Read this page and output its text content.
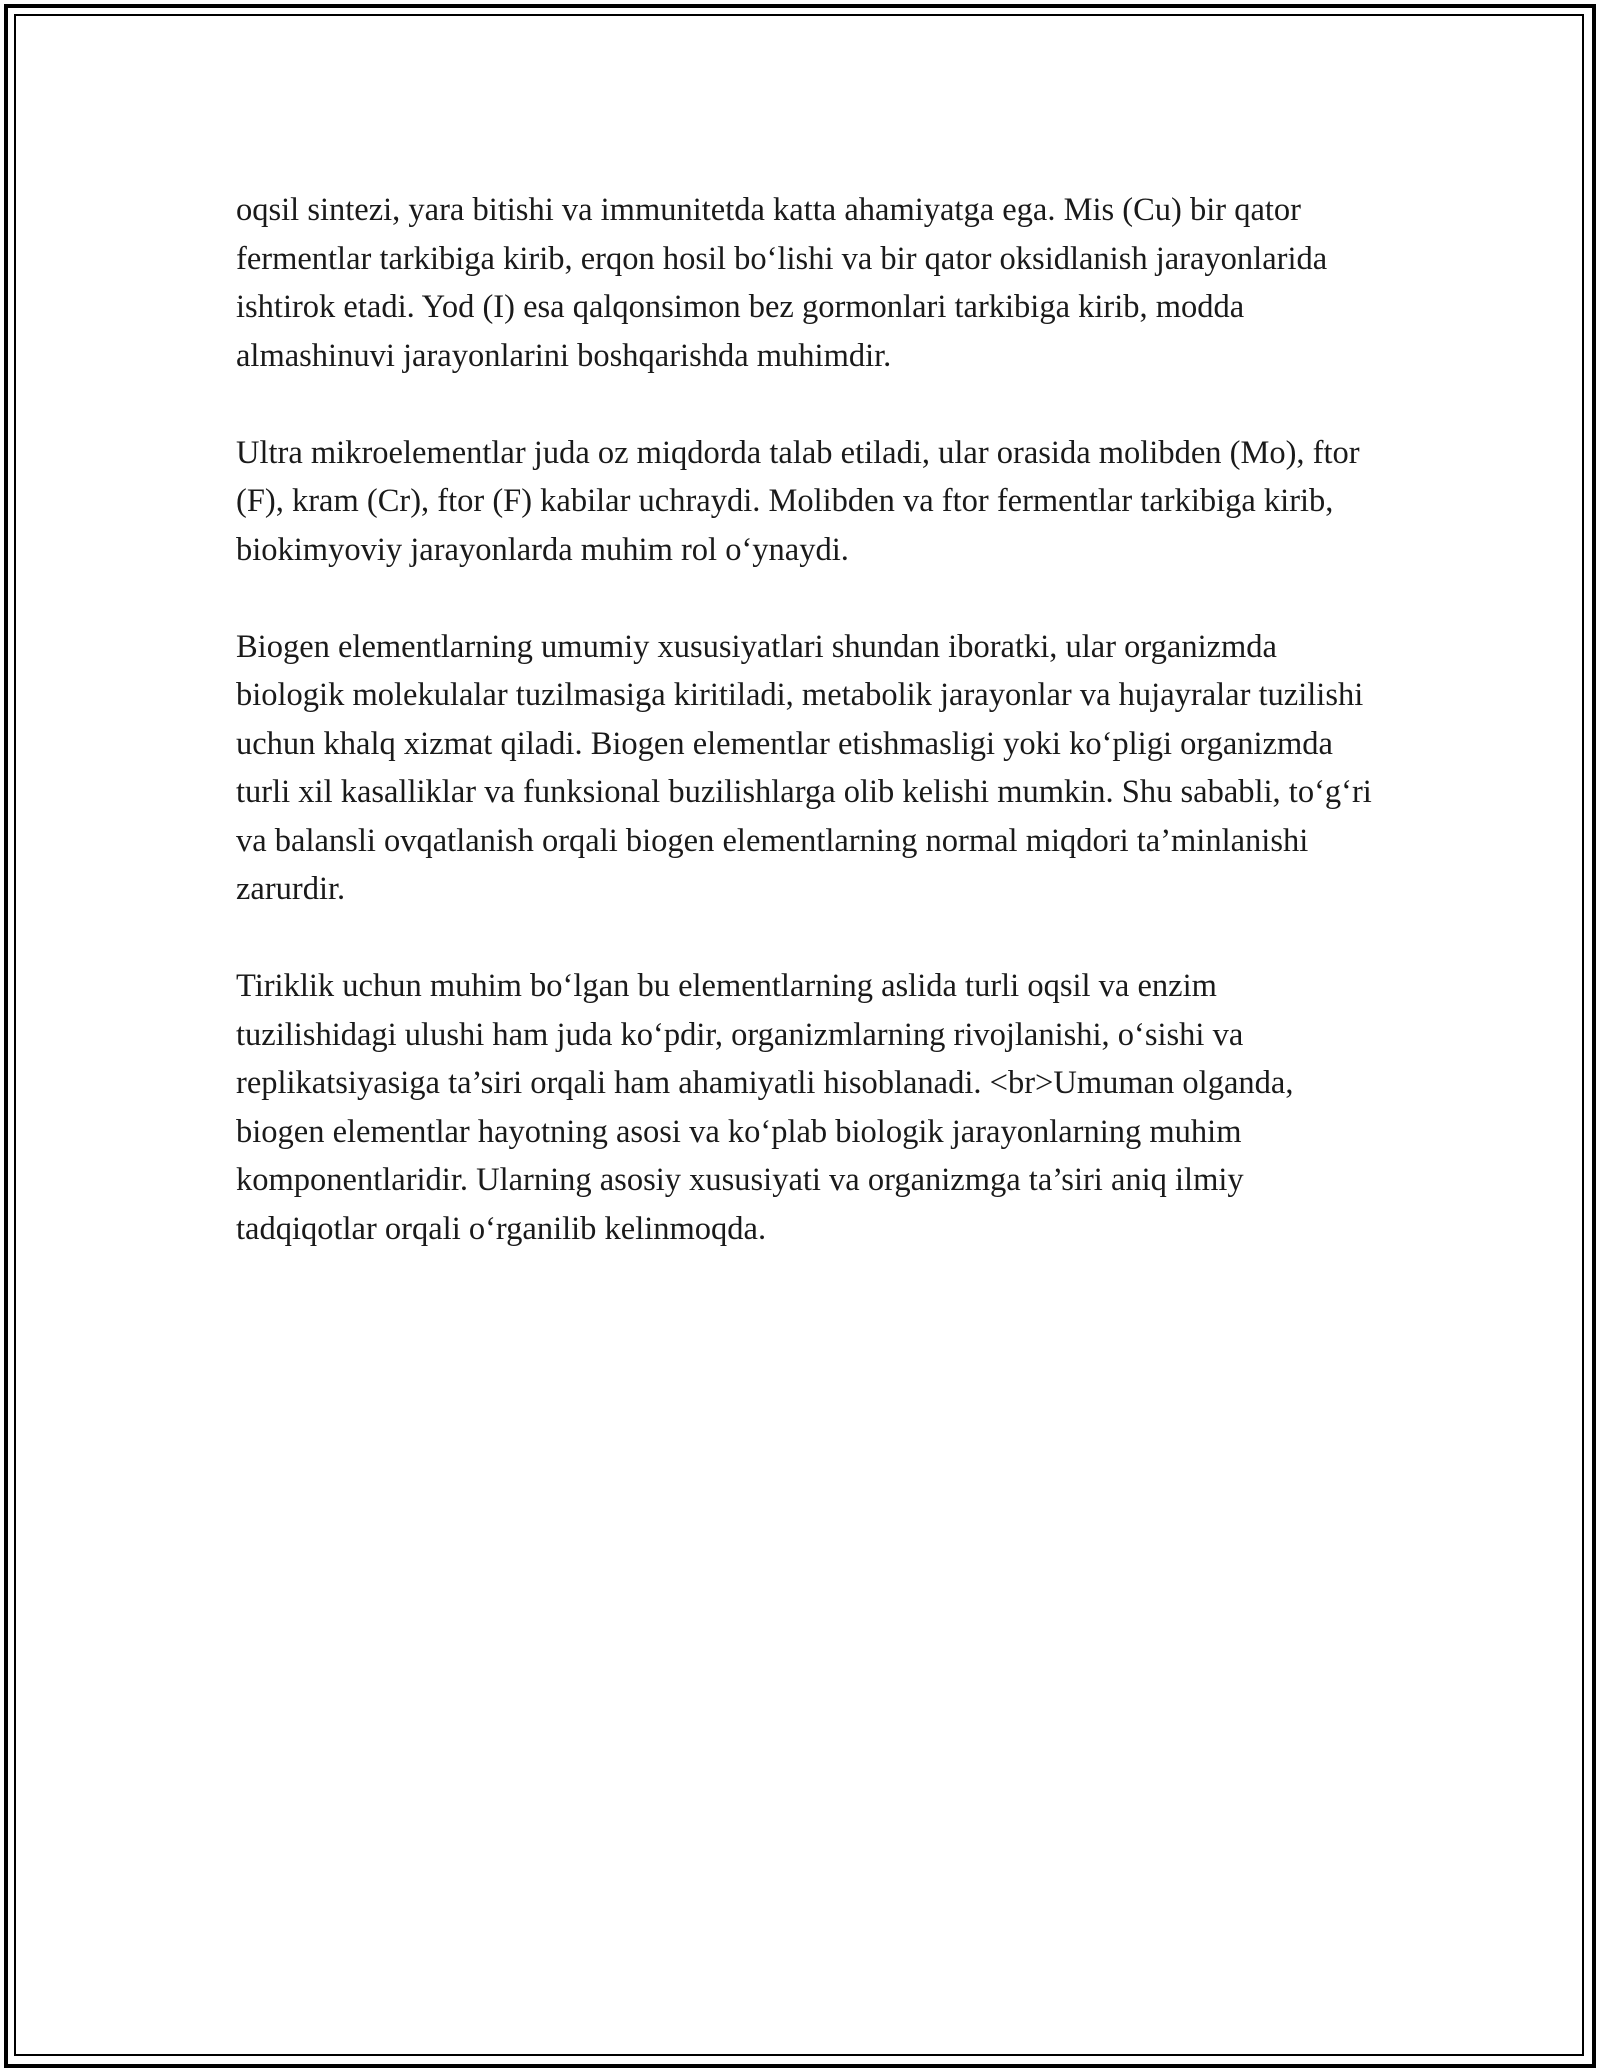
oqsil sintezi, yara bitishi va immunitetda katta ahamiyatga ega. Mis (Cu) bir qator fermentlar tarkibiga kirib, erqon hosil bo‘lishi va bir qator oksidlanish jarayonlarida ishtirok etadi. Yod (I) esa qalqonsimon bez gormonlari tarkibiga kirib, modda almashinuvi jarayonlarini boshqarishda muhimdir.

Ultra mikroelementlar juda oz miqdorda talab etiladi, ular orasida molibden (Mo), ftor (F), kram (Cr), ftor (F) kabilar uchraydi. Molibden va ftor fermentlar tarkibiga kirib, biokimyoviy jarayonlarda muhim rol o‘ynaydi.

Biogen elementlarning umumiy xususiyatlari shundan iboratki, ular organizmda biologik molekulalar tuzilmasiga kiritiladi, metabolik jarayonlar va hujayralar tuzilishi uchun khalq xizmat qiladi. Biogen elementlar etishmasligi yoki ko‘pligi organizmda turli xil kasalliklar va funksional buzilishlarga olib kelishi mumkin. Shu sababli, to‘g‘ri va balansli ovqatlanish orqali biogen elementlarning normal miqdori ta’minlanishi zarurdir.

Tiriklik uchun muhim bo‘lgan bu elementlarning aslida turli oqsil va enzim tuzilishidagi ulushi ham juda ko‘pdir, organizmlarning rivojlanishi, o‘sishi va replikatsiyasiga ta’siri orqali ham ahamiyatli hisoblanadi. <br>Umuman olganda, biogen elementlar hayotning asosi va ko‘plab biologik jarayonlarning muhim komponentlaridir. Ularning asosiy xususiyati va organizmga ta’siri aniq ilmiy tadqiqotlar orqali o‘rganilib kelinmoqda.
